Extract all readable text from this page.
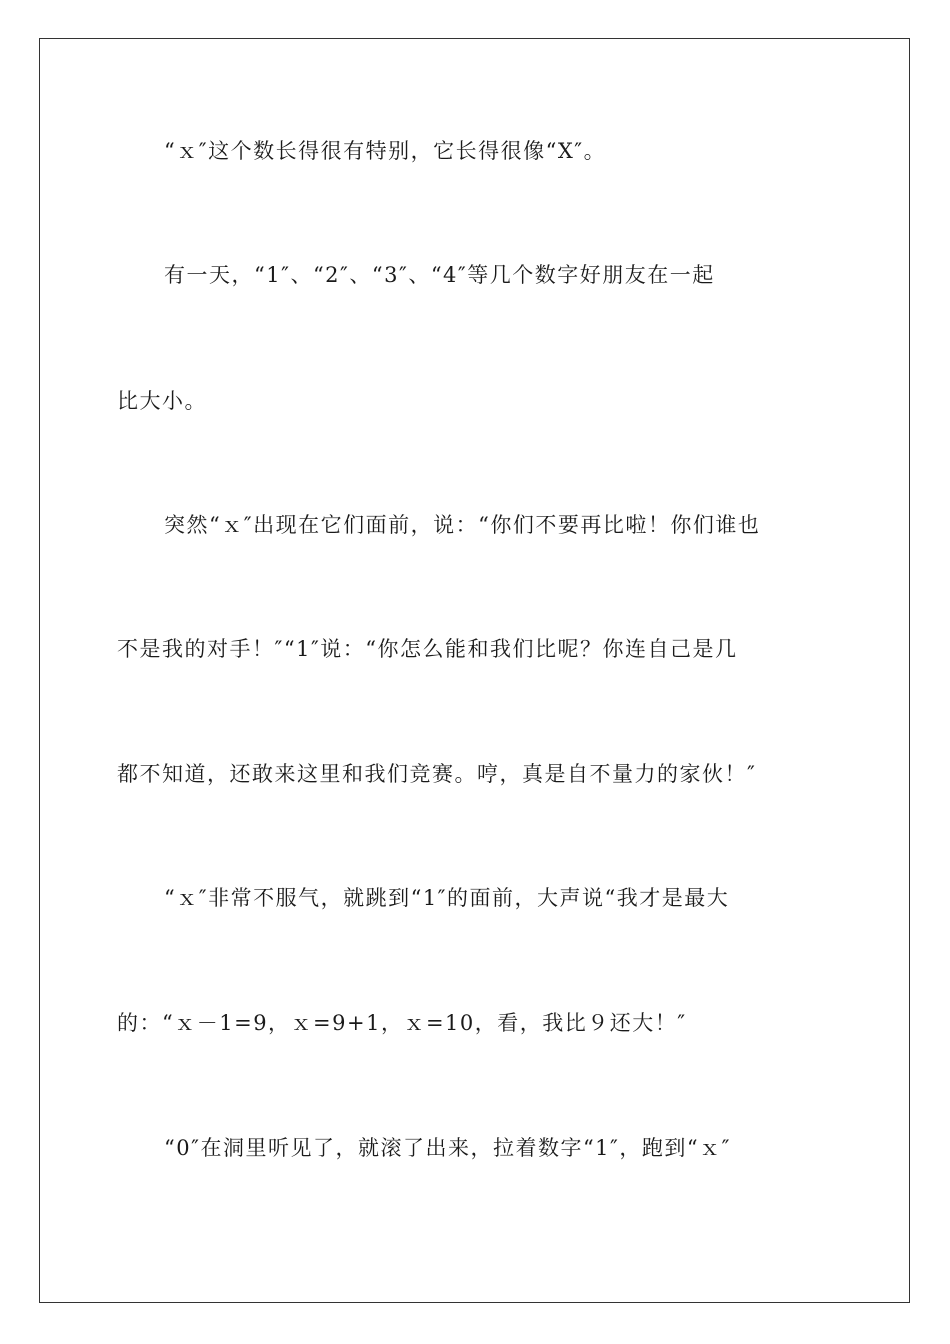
“ｘ″这个数长得很有特别，它长得很像“X″。
有一天，“1″、“2″、“3″、“4″等几个数字好朋友在一起
比大小。
突然“ｘ″出现在它们面前，说：“你们不要再比啦！你们谁也
不是我的对手！″“1″说：“你怎么能和我们比呢？你连自己是几
都不知道，还敢来这里和我们竞赛。哼，真是自不量力的家伙！″
“ｘ″非常不服气，就跳到“1″的面前，大声说“我才是最大
的：“ｘ－1=9，ｘ=9+1，ｘ=10，看，我比９还大！″
“0″在洞里听见了，就滚了出来，拉着数字“1″，跑到“ｘ″
